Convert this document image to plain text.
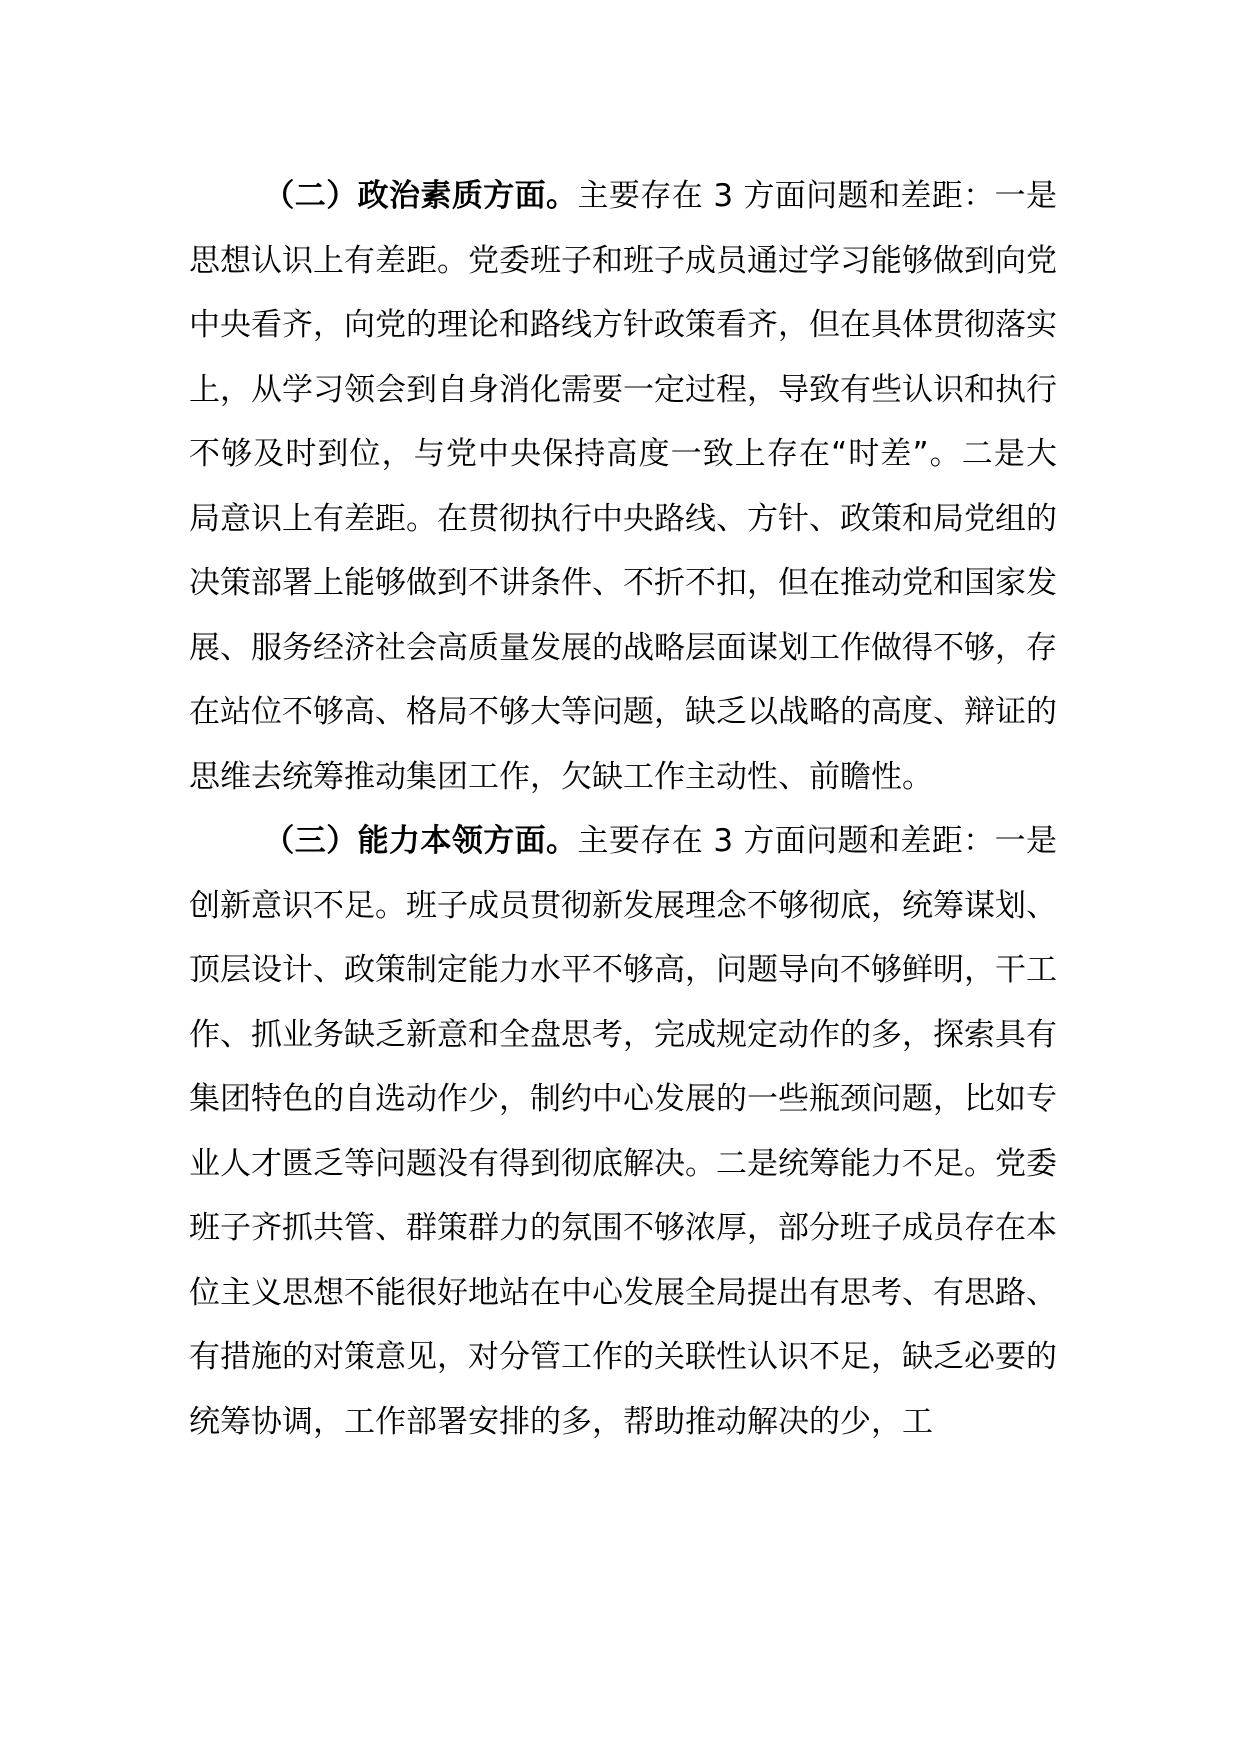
（二）政治素质方面。主要存在 3 方面问题和差距：一是思想认识上有差距。党委班子和班子成员通过学习能够做到向党中央看齐，向党的理论和路线方针政策看齐，但在具体贯彻落实上，从学习领会到自身消化需要一定过程，导致有些认识和执行不够及时到位，与党中央保持高度一致上存在“时差”。二是大局意识上有差距。在贯彻执行中央路线、方针、政策和局党组的决策部署上能够做到不讲条件、不折不扣，但在推动党和国家发展、服务经济社会高质量发展的战略层面谋划工作做得不够，存在站位不够高、格局不够大等问题，缺乏以战略的高度、辩证的思维去统筹推动集团工作，欠缺工作主动性、前瞻性。

（三）能力本领方面。主要存在 3 方面问题和差距：一是创新意识不足。班子成员贯彻新发展理念不够彻底，统筹谋划、顶层设计、政策制定能力水平不够高，问题导向不够鲜明，干工作、抓业务缺乏新意和全盘思考，完成规定动作的多，探索具有集团特色的自选动作少，制约中心发展的一些瓶颈问题，比如专业人才匮乏等问题没有得到彻底解决。二是统筹能力不足。党委班子齐抓共管、群策群力的氛围不够浓厚，部分班子成员存在本位主义思想不能很好地站在中心发展全局提出有思考、有思路、有措施的对策意见，对分管工作的关联性认识不足，缺乏必要的统筹协调，工作部署安排的多，帮助推动解决的少，工
